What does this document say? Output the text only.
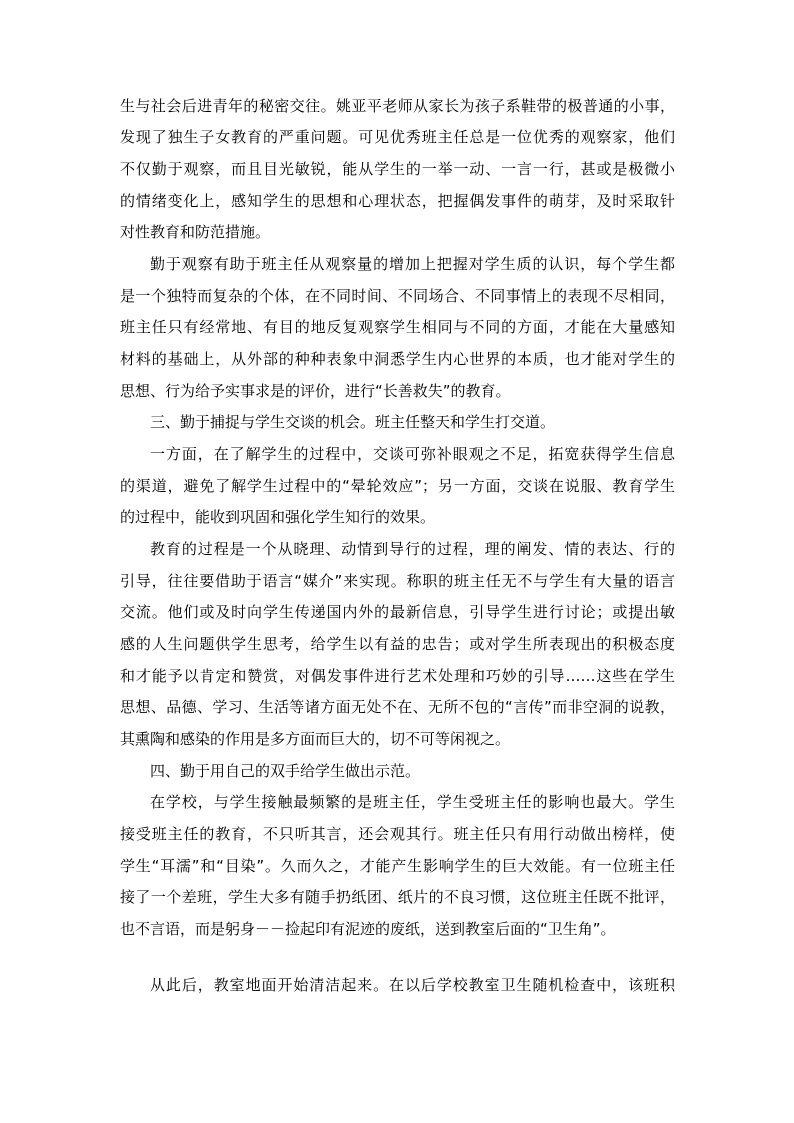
生与社会后进青年的秘密交往。姚亚平老师从家长为孩子系鞋带的极普通的小事，
发现了独生子女教育的严重问题。可见优秀班主任总是一位优秀的观察家，他们
不仅勤于观察，而且目光敏锐，能从学生的一举一动、一言一行，甚或是极微小
的情绪变化上，感知学生的思想和心理状态，把握偶发事件的萌芽，及时采取针
对性教育和防范措施。
勤于观察有助于班主任从观察量的增加上把握对学生质的认识，每个学生都
是一个独特而复杂的个体，在不同时间、不同场合、不同事情上的表现不尽相同，
班主任只有经常地、有目的地反复观察学生相同与不同的方面，才能在大量感知
材料的基础上，从外部的种种表象中洞悉学生内心世界的本质，也才能对学生的
思想、行为给予实事求是的评价，进行“长善救失”的教育。
三、勤于捕捉与学生交谈的机会。班主任整天和学生打交道。
一方面，在了解学生的过程中，交谈可弥补眼观之不足，拓宽获得学生信息
的渠道，避免了解学生过程中的“晕轮效应”；另一方面，交谈在说服、教育学生
的过程中，能收到巩固和强化学生知行的效果。
教育的过程是一个从晓理、动情到导行的过程，理的阐发、情的表达、行的
引导，往往要借助于语言“媒介”来实现。称职的班主任无不与学生有大量的语言
交流。他们或及时向学生传递国内外的最新信息，引导学生进行讨论；或提出敏
感的人生问题供学生思考，给学生以有益的忠告；或对学生所表现出的积极态度
和才能予以肯定和赞赏，对偶发事件进行艺术处理和巧妙的引导……这些在学生
思想、品德、学习、生活等诸方面无处不在、无所不包的“言传”而非空洞的说教，
其熏陶和感染的作用是多方面而巨大的，切不可等闲视之。
四、勤于用自己的双手给学生做出示范。
在学校，与学生接触最频繁的是班主任，学生受班主任的影响也最大。学生
接受班主任的教育，不只听其言，还会观其行。班主任只有用行动做出榜样，使
学生“耳濡”和“目染”。久而久之，才能产生影响学生的巨大效能。有一位班主任
接了一个差班，学生大多有随手扔纸团、纸片的不良习惯，这位班主任既不批评，
也不言语，而是躬身－－捡起印有泥迹的废纸，送到教室后面的“卫生角”。
从此后，教室地面开始清洁起来。在以后学校教室卫生随机检查中，该班积
